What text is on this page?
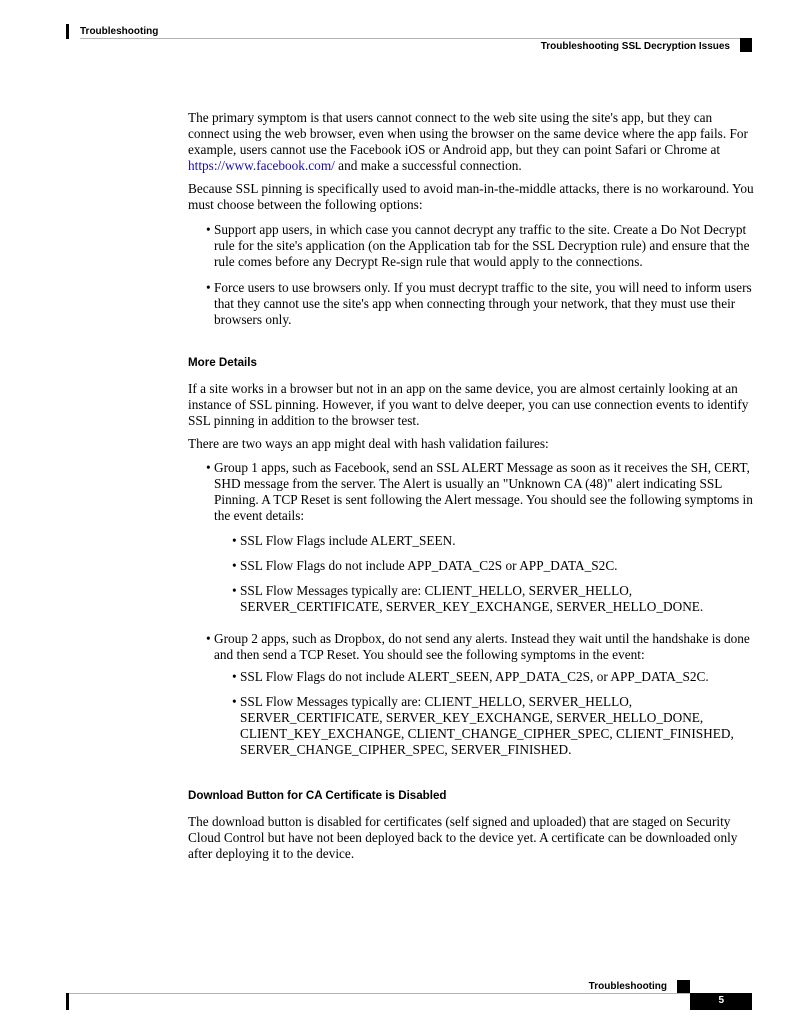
Troubleshooting
Troubleshooting SSL Decryption Issues

The primary symptom is that users cannot connect to the web site using the site's app, but they can connect using the web browser, even when using the browser on the same device where the app fails. For example, users cannot use the Facebook iOS or Android app, but they can point Safari or Chrome at https://www.facebook.com/ and make a successful connection.

Because SSL pinning is specifically used to avoid man-in-the-middle attacks, there is no workaround. You must choose between the following options:

• Support app users, in which case you cannot decrypt any traffic to the site. Create a Do Not Decrypt rule for the site's application (on the Application tab for the SSL Decryption rule) and ensure that the rule comes before any Decrypt Re-sign rule that would apply to the connections.
• Force users to use browsers only. If you must decrypt traffic to the site, you will need to inform users that they cannot use the site's app when connecting through your network, that they must use their browsers only.
More Details

If a site works in a browser but not in an app on the same device, you are almost certainly looking at an instance of SSL pinning. However, if you want to delve deeper, you can use connection events to identify SSL pinning in addition to the browser test.

There are two ways an app might deal with hash validation failures:

• Group 1 apps, such as Facebook, send an SSL ALERT Message as soon as it receives the SH, CERT, SHD message from the server. The Alert is usually an "Unknown CA (48)" alert indicating SSL Pinning. A TCP Reset is sent following the Alert message. You should see the following symptoms in the event details:
• SSL Flow Flags include ALERT_SEEN.
• SSL Flow Flags do not include APP_DATA_C2S or APP_DATA_S2C.
• SSL Flow Messages typically are: CLIENT_HELLO, SERVER_HELLO, SERVER_CERTIFICATE, SERVER_KEY_EXCHANGE, SERVER_HELLO_DONE.
• Group 2 apps, such as Dropbox, do not send any alerts. Instead they wait until the handshake is done and then send a TCP Reset. You should see the following symptoms in the event:
• SSL Flow Flags do not include ALERT_SEEN, APP_DATA_C2S, or APP_DATA_S2C.
• SSL Flow Messages typically are: CLIENT_HELLO, SERVER_HELLO, SERVER_CERTIFICATE, SERVER_KEY_EXCHANGE, SERVER_HELLO_DONE, CLIENT_KEY_EXCHANGE, CLIENT_CHANGE_CIPHER_SPEC, CLIENT_FINISHED, SERVER_CHANGE_CIPHER_SPEC, SERVER_FINISHED.
Download Button for CA Certificate is Disabled

The download button is disabled for certificates (self signed and uploaded) that are staged on Security Cloud Control but have not been deployed back to the device yet. A certificate can be downloaded only after deploying it to the device.

Troubleshooting
5
